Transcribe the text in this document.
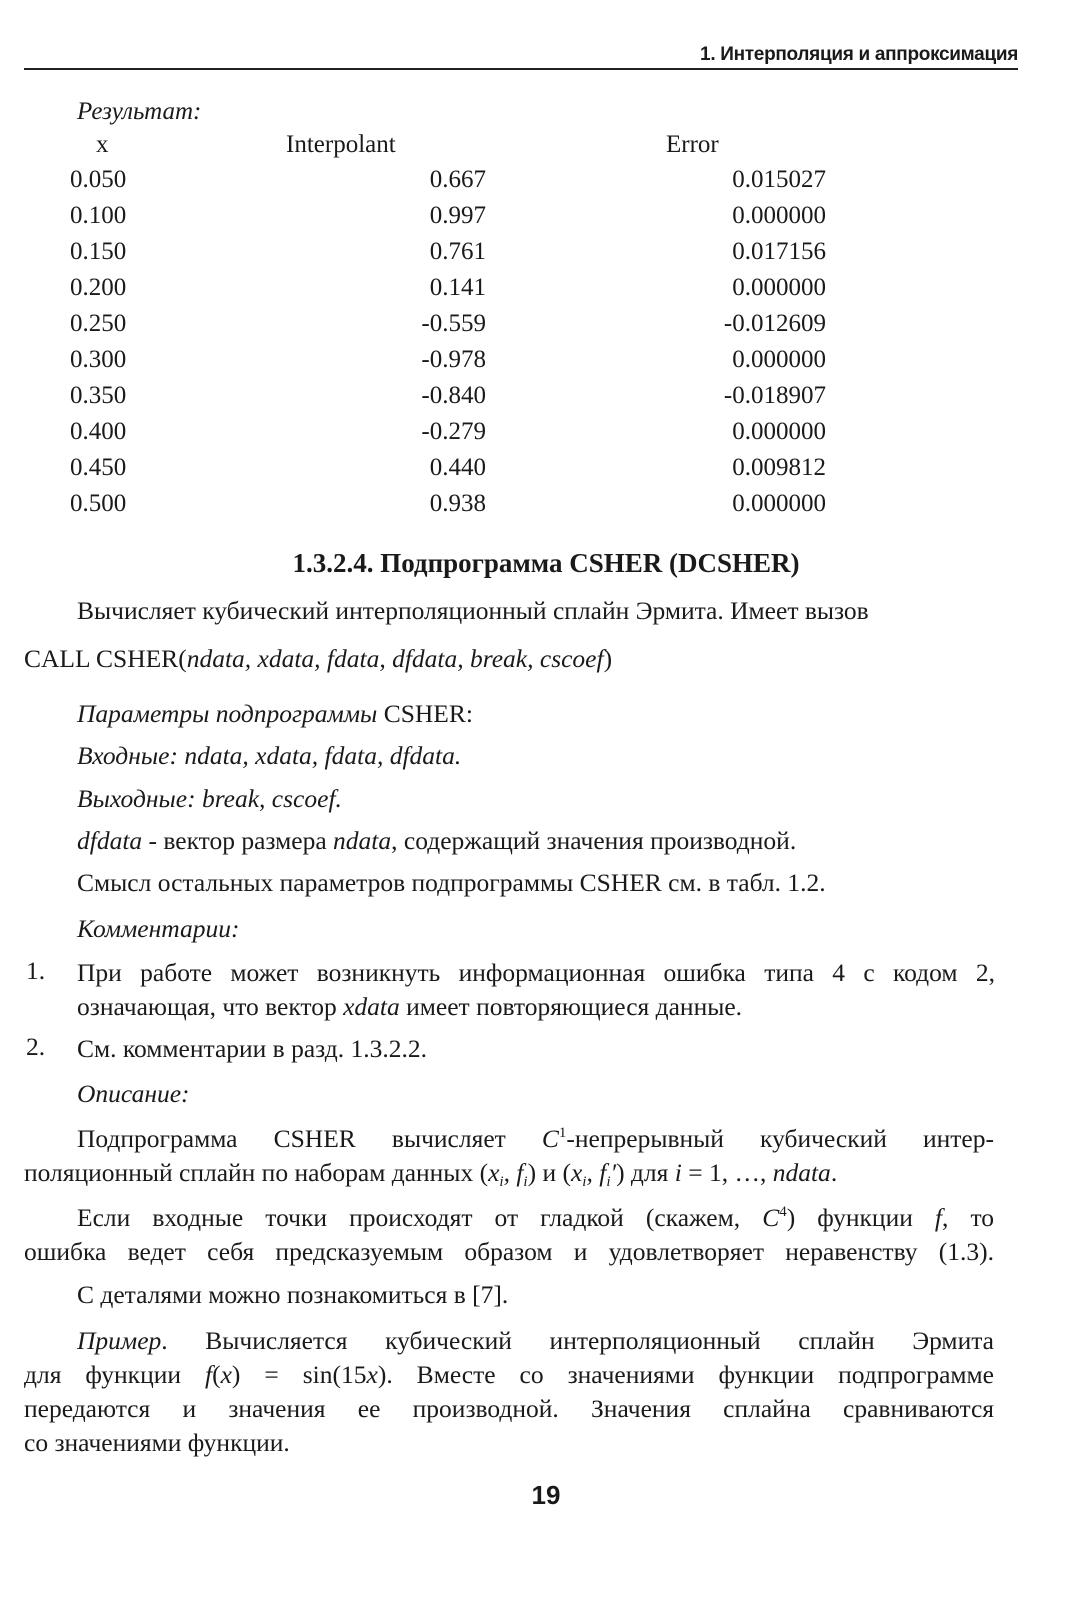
1. Интерполяция и аппроксимация
Результат:
x	Interpolant	Error
0.050	0.667	0.015027
0.100	0.997	0.000000
0.150	0.761	0.017156
0.200	0.141	0.000000
0.250	-0.559	-0.012609
0.300	-0.978	0.000000
0.350	-0.840	-0.018907
0.400	-0.279	0.000000
0.450	0.440	0.009812
0.500	0.938	0.000000
1.3.2.4. Подпрограмма CSHER (DCSHER)
Вычисляет кубический интерполяционный сплайн Эрмита. Имеет вызов
CALL CSHER(ndata, xdata, fdata, dfdata, break, cscoef)
Параметры подпрограммы CSHER:
Входные: ndata, xdata, fdata, dfdata.
Выходные: break, cscoef.
dfdata - вектор размера ndata, содержащий значения производной.
Смысл остальных параметров подпрограммы CSHER см. в табл. 1.2.
Комментарии:
1. При работе может возникнуть информационная ошибка типа 4 с кодом 2,
означающая, что вектор xdata имеет повторяющиеся данные.
2. См. комментарии в разд. 1.3.2.2.
Описание:
Подпрограмма CSHER вычисляет $C^1$-непрерывный кубический интер-
поляционный сплайн по наборам данных ($x_i$, $f_i$) и ($x_i$, $f_i'$) для i = 1, …, ndata.
Если входные точки происходят от гладкой (скажем, $C^4$) функции f, то
ошибка ведет себя предсказуемым образом и удовлетворяет неравенству (1.3).
С деталями можно познакомиться в [7].
Пример. Вычисляется кубический интерполяционный сплайн Эрмита
для функции f(x) = sin(15x). Вместе со значениями функции подпрограмме
передаются и значения ее производной. Значения сплайна сравниваются
со значениями функции.
19
